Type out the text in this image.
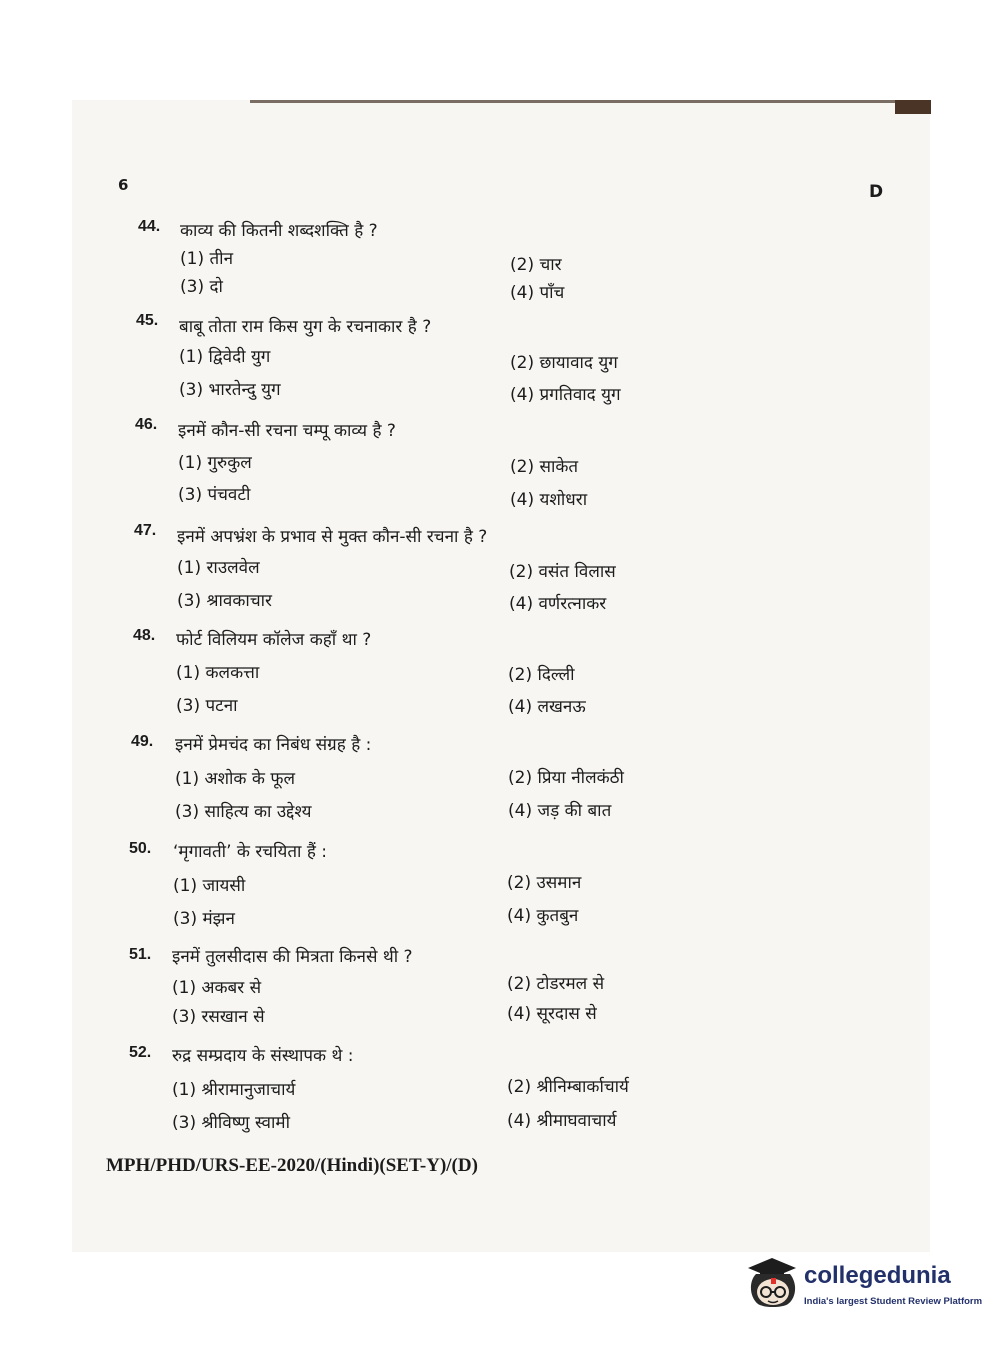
6	D
44. काव्य की कितनी शब्दशक्ति है ?
(1) तीन	(2) चार
(3) दो	(4) पाँच
45. बाबू तोता राम किस युग के रचनाकार है ?
(1) द्विवेदी युग	(2) छायावाद युग
(3) भारतेन्दु युग	(4) प्रगतिवाद युग
46. इनमें कौन-सी रचना चम्पू काव्य है ?
(1) गुरुकुल	(2) साकेत
(3) पंचवटी	(4) यशोधरा
47. इनमें अपभ्रंश के प्रभाव से मुक्त कौन-सी रचना है ?
(1) राउलवेल	(2) वसंत विलास
(3) श्रावकाचार	(4) वर्णरत्नाकर
48. फोर्ट विलियम कॉलेज कहाँ था ?
(1) कलकत्ता	(2) दिल्ली
(3) पटना	(4) लखनऊ
49. इनमें प्रेमचंद का निबंध संग्रह है :
(1) अशोक के फूल	(2) प्रिया नीलकंठी
(3) साहित्य का उद्देश्य	(4) जड़ की बात
50. ‘मृगावती’ के रचयिता हैं :
(1) जायसी	(2) उसमान
(3) मंझन	(4) कुतबुन
51. इनमें तुलसीदास की मित्रता किनसे थी ?
(1) अकबर से	(2) टोडरमल से
(3) रसखान से	(4) सूरदास से
52. रुद्र सम्प्रदाय के संस्थापक थे :
(1) श्रीरामानुजाचार्य	(2) श्रीनिम्बार्काचार्य
(3) श्रीविष्णु स्वामी	(4) श्रीमाघवाचार्य
MPH/PHD/URS-EE-2020/(Hindi)(SET-Y)/(D)
collegedunia
India's largest Student Review Platform
